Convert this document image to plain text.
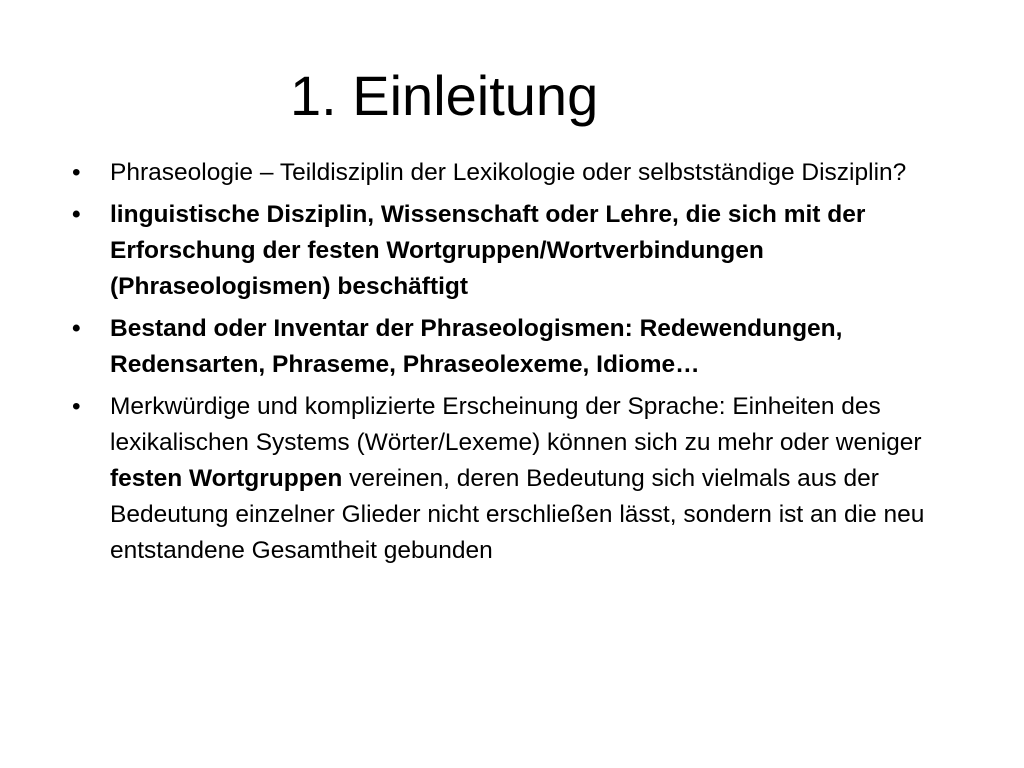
1. Einleitung
• Phraseologie – Teildisziplin der Lexikologie oder selbstständige Disziplin?
• linguistische Disziplin, Wissenschaft oder Lehre, die sich mit der Erforschung der festen Wortgruppen/Wortverbindungen (Phraseologismen) beschäftigt
• Bestand oder Inventar der Phraseologismen: Redewendungen, Redensarten, Phraseme, Phraseolexeme, Idiome…
• Merkwürdige und komplizierte Erscheinung der Sprache: Einheiten des lexikalischen Systems (Wörter/Lexeme) können sich zu mehr oder weniger festen Wortgruppen vereinen, deren Bedeutung sich vielmals aus der Bedeutung einzelner Glieder nicht erschließen lässt, sondern ist an die neu entstandene Gesamtheit gebunden
